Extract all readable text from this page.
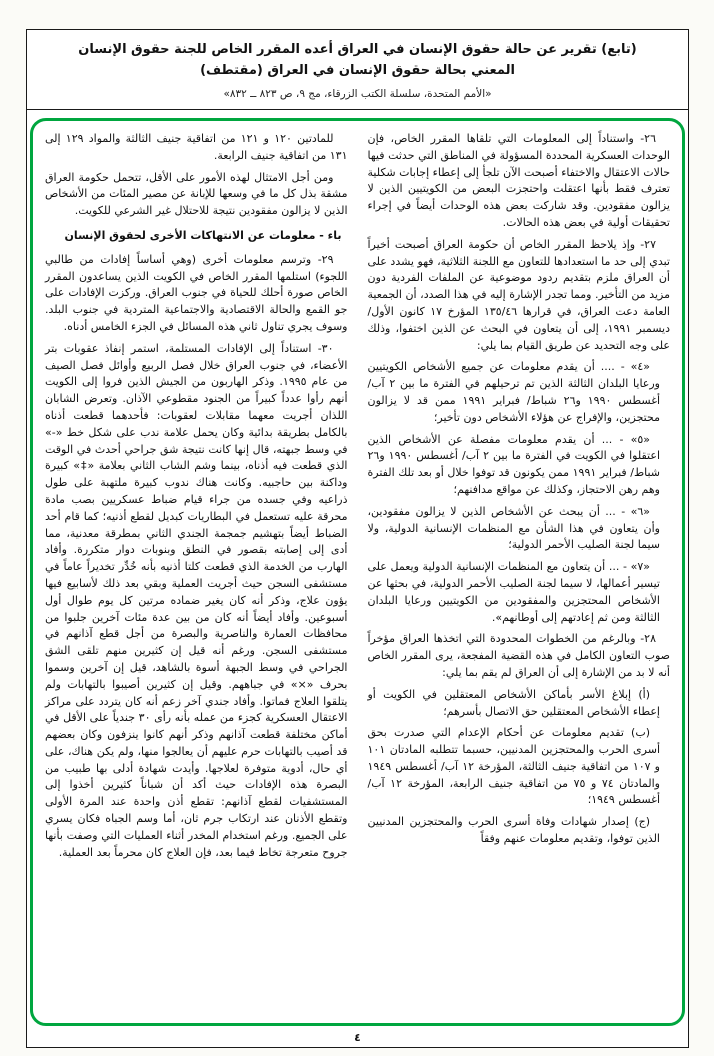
(تابع) تقرير عن حالة حقوق الإنسان في العراق أعده المقرر الخاص للجنة حقوق الإنسان
المعني بحالة حقوق الإنسان في العراق (مقتطف)
«الأمم المتحدة، سلسلة الكتب الزرقاء، مج ٩، ص ٨٢٣ ــ ٨٣٢»

٢٦- واستناداً إلى المعلومات التي تلقاها المقرر الخاص، فإن الوحدات العسكرية المحددة المسؤولة في المناطق التي حدثت فيها حالات الاعتقال والاختفاء أصبحت الآن تلجأ إلى إعطاء إجابات شكلية تعترف فقط بأنها اعتقلت واحتجزت البعض من الكويتيين الذين لا يزالون مفقودين. وقد شاركت بعض هذه الوحدات أيضاً في إجراء تحقيقات أولية في بعض هذه الحالات.

٢٧- وإذ يلاحظ المقرر الخاص أن حكومة العراق أصبحت أخيراً تبدي إلى حد ما استعدادها للتعاون مع اللجنة الثلاثية، فهو يشدد على أن العراق ملزم بتقديم ردود موضوعية عن الملفات الفردية دون مزيد من التأخير. ومما تجدر الإشارة إليه في هذا الصدد، أن الجمعية العامة دعت العراق، في قرارها ١٣٥/٤٦ المؤرخ ١٧ كانون الأول/ ديسمبر ١٩٩١، إلى أن يتعاون في البحث عن الذين اختفوا، وذلك على وجه التحديد عن طريق القيام بما يلي:

«٤» - .... أن يقدم معلومات عن جميع الأشخاص الكويتيين ورعايا البلدان الثالثة الذين تم ترحيلهم في الفترة ما بين ٢ آب/ أغسطس ١٩٩٠ و٢٦ شباط/ فبراير ١٩٩١ ممن قد لا يزالون محتجزين، والإفراج عن هؤلاء الأشخاص دون تأخير؛

«٥» - ... أن يقدم معلومات مفصلة عن الأشخاص الذين اعتقلوا في الكويت في الفترة ما بين ٢ آب/ أغسطس ١٩٩٠ و٢٦ شباط/ فبراير ١٩٩١ ممن يكونون قد توفوا خلال أو بعد تلك الفترة وهم رهن الاحتجاز، وكذلك عن مواقع مدافنهم؛

«٦» - ... أن يبحث عن الأشخاص الذين لا يزالون مفقودين، وأن يتعاون في هذا الشأن مع المنظمات الإنسانية الدولية، ولا سيما لجنة الصليب الأحمر الدولية؛

«٧» - ... أن يتعاون مع المنظمات الإنسانية الدولية ويعمل على تيسير أعمالها، لا سيما لجنة الصليب الأحمر الدولية، في بحثها عن الأشخاص المحتجزين والمفقودين من الكويتيين ورعايا البلدان الثالثة ومن ثم إعادتهم إلى أوطانهم».

٢٨- وبالرغم من الخطوات المحدودة التي اتخذها العراق مؤخراً صوب التعاون الكامل في هذه القضية المفجعة، يرى المقرر الخاص أنه لا بد من الإشارة إلى أن العراق لم يقم بما يلي:

(أ) إبلاغ الأسر بأماكن الأشخاص المعتقلين في الكويت أو إعطاء الأشخاص المعتقلين حق الاتصال بأسرهم؛

(ب) تقديم معلومات عن أحكام الإعدام التي صدرت بحق أسرى الحرب والمحتجزين المدنيين، حسبما تتطلبه المادتان ١٠١ و ١٠٧ من اتفاقية جنيف الثالثة، المؤرخة ١٢ آب/ أغسطس ١٩٤٩ والمادتان ٧٤ و ٧٥ من اتفاقية جنيف الرابعة، المؤرخة ١٢ آب/ أغسطس ١٩٤٩؛

(ج) إصدار شهادات وفاة أسرى الحرب والمحتجزين المدنيين الذين توفوا، وتقديم معلومات عنهم وفقاً

للمادتين ١٢٠ و ١٢١ من اتفاقية جنيف الثالثة والمواد ١٢٩ إلى ١٣١ من اتفاقية جنيف الرابعة.

ومن أجل الامتثال لهذه الأمور على الأقل، تتحمل حكومة العراق مشقة بذل كل ما في وسعها للإبانة عن مصير المئات من الأشخاص الذين لا يزالون مفقودين نتيجة للاحتلال غير الشرعي للكويت.

باء - معلومات عن الانتهاكات الأخرى لحقوق الإنسان

٢٩- وترسم معلومات أخرى (وهي أساساً إفادات من طالبي اللجوء) استلمها المقرر الخاص في الكويت الذين يساعدون المقرر الخاص صورة أحلك للحياة في جنوب العراق. وركزت الإفادات على جو القمع والحالة الاقتصادية والاجتماعية المتردية في جنوب البلد. وسوف يجري تناول ثاني هذه المسائل في الجزء الخامس أدناه.

٣٠- استناداً إلى الإفادات المستلمة، استمر إنفاذ عقوبات بتر الأعضاء، في جنوب العراق خلال فصل الربيع وأوائل فصل الصيف من عام ١٩٩٥. وذكر الهاربون من الجيش الذين فروا إلى الكويت أنهم رأوا عدداً كبيراً من الجنود مقطوعي الآذان. وتعرض الشابان اللذان أجريت معهما مقابلات لعقوبات: فأحدهما قطعت أذناه بالكامل بطريقة بدائية وكان يحمل علامة ندب على شكل خط «-» في وسط جبهته، قال إنها كانت نتيجة شق جراحي أحدث في الوقت الذي قطعت فيه أذناه، بينما وشم الشاب الثاني بعلامة «‡» كبيرة وداكنة بين حاجبيه. وكانت هناك ندوب كبيرة ملتهبة على طول ذراعيه وفي جسده من جراء قيام ضباط عسكريين بصب مادة محرقة عليه تستعمل في البطاريات كبديل لقطع أذنيه؛ كما قام أحد الضباط أيضاً بتهشيم جمجمة الجندي الثاني بمطرقة معدنية، مما أدى إلى إصابته بقصور في النطق وبنوبات دوار متكررة. وأفاد الهارب من الخدمة الذي قطعت كلتا أذنيه بأنه خُدِّر تخديراً عاماً في مستشفى السجن حيث أجريت العملية وبقي بعد ذلك لأسابيع فيها يؤون علاج، وذكر أنه كان يغير ضماده مرتين كل يوم طوال أول أسبوعين. وأفاد أيضاً أنه كان من بين عدة مئات آخرين جلبوا من محافظات العمارة والناصرية والبصرة من أجل قطع آذانهم في مستشفى السجن. ورغم أنه قيل إن كثيرين منهم تلقى الشق الجراحي في وسط الجبهة أسوة بالشاهد، قيل إن آخرين وسموا بحرف «×» في جباههم. وقيل إن كثيرين أصيبوا بالتهابات ولم يتلقوا العلاج فماتوا. وأفاد جندي آخر زعم أنه كان يتردد على مراكز الاعتقال العسكرية كجزء من عمله بأنه رأى ٣٠ جندياً على الأقل في أماكن مختلفة قطعت آذانهم وذكر أنهم كانوا ينزفون وكان بعضهم قد أصيب بالتهابات حرم عليهم أن يعالجوا منها، ولم يكن هناك، على أي حال، أدوية متوفرة لعلاجها. وأيدت شهادة أدلى بها طبيب من البصرة هذه الإفادات حيث أكد أن شباناً كثيرين أخذوا إلى المستشفيات لقطع آذانهم: تقطع أذن واحدة عند المرة الأولى وتقطع الأذنان عند ارتكاب جرم ثان، أما وسم الجباه فكان يسري على الجميع. ورغم استخدام المخدر أثناء العمليات التي وصفت بأنها جروح متعرجة تخاط فيما بعد، فإن العلاج كان محرماً بعد العملية.

٤
